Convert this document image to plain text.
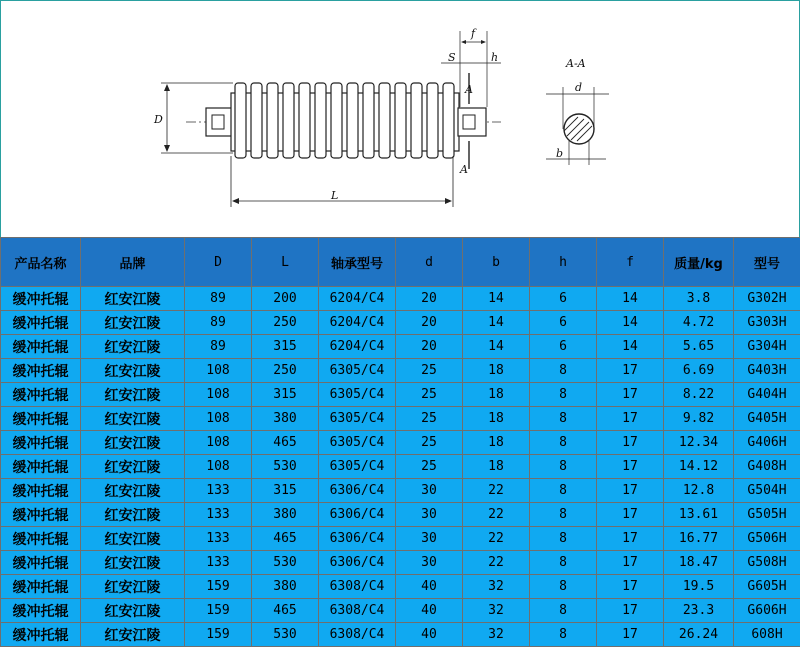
D
L
f
S	h
A
A
A-A
d
b
产品名称	品牌	D	L	轴承型号	d	b	h	f	质量/kg	型号
缓冲托辊	红安江陵	89	200	6204/C4	20	14	6	14	3.8	G302H
缓冲托辊	红安江陵	89	250	6204/C4	20	14	6	14	4.72	G303H
缓冲托辊	红安江陵	89	315	6204/C4	20	14	6	14	5.65	G304H
缓冲托辊	红安江陵	108	250	6305/C4	25	18	8	17	6.69	G403H
缓冲托辊	红安江陵	108	315	6305/C4	25	18	8	17	8.22	G404H
缓冲托辊	红安江陵	108	380	6305/C4	25	18	8	17	9.82	G405H
缓冲托辊	红安江陵	108	465	6305/C4	25	18	8	17	12.34	G406H
缓冲托辊	红安江陵	108	530	6305/C4	25	18	8	17	14.12	G408H
缓冲托辊	红安江陵	133	315	6306/C4	30	22	8	17	12.8	G504H
缓冲托辊	红安江陵	133	380	6306/C4	30	22	8	17	13.61	G505H
缓冲托辊	红安江陵	133	465	6306/C4	30	22	8	17	16.77	G506H
缓冲托辊	红安江陵	133	530	6306/C4	30	22	8	17	18.47	G508H
缓冲托辊	红安江陵	159	380	6308/C4	40	32	8	17	19.5	G605H
缓冲托辊	红安江陵	159	465	6308/C4	40	32	8	17	23.3	G606H
缓冲托辊	红安江陵	159	530	6308/C4	40	32	8	17	26.24	608H
